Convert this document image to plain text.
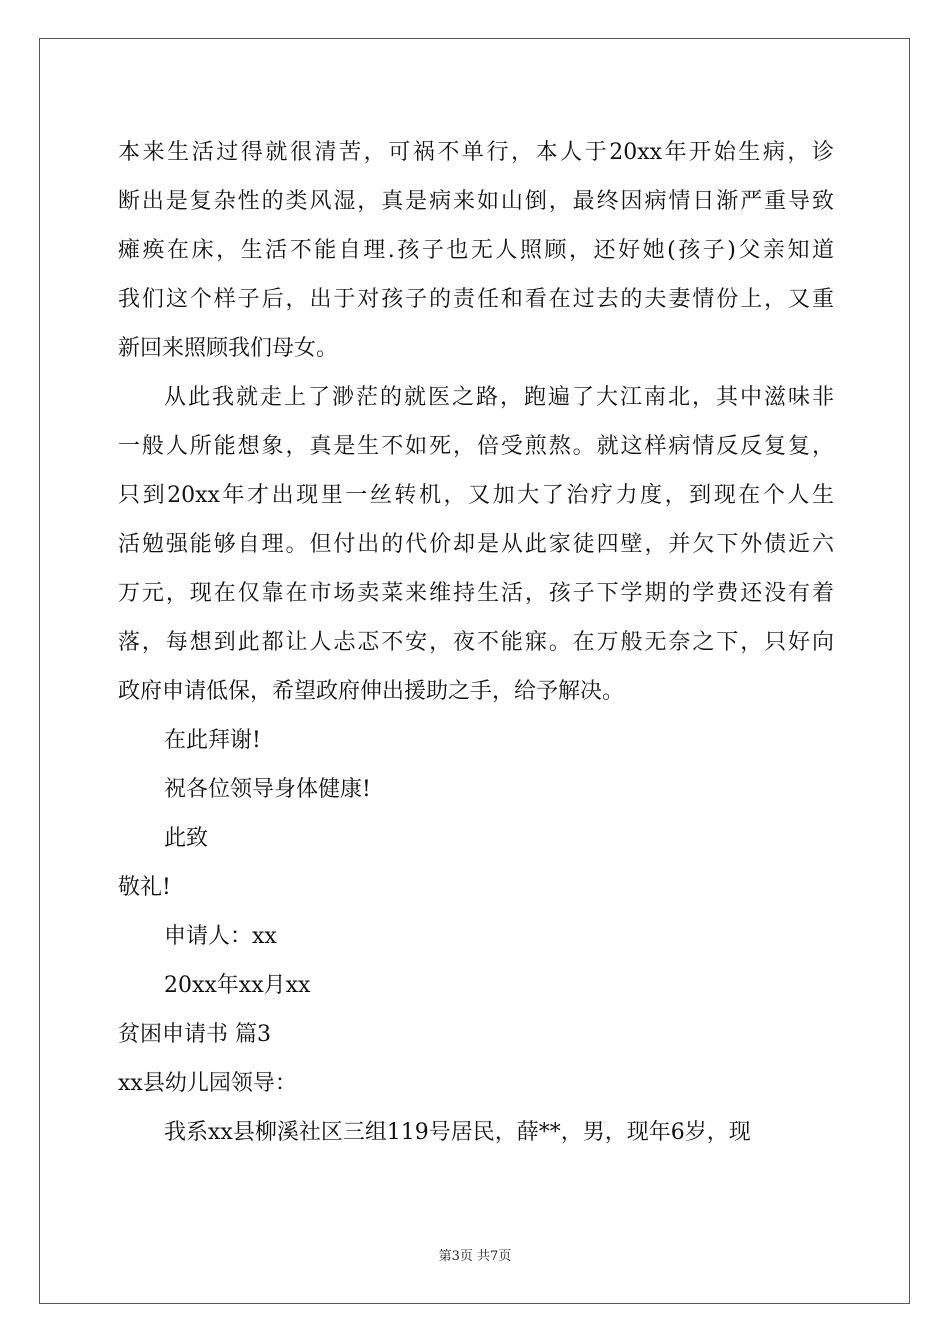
本来生活过得就很清苦，可祸不单行，本人于20xx年开始生病，诊
断出是复杂性的类风湿，真是病来如山倒，最终因病情日渐严重导致
瘫痪在床，生活不能自理.孩子也无人照顾，还好她(孩子)父亲知道
我们这个样子后，出于对孩子的责任和看在过去的夫妻情份上，又重
新回来照顾我们母女。
从此我就走上了渺茫的就医之路，跑遍了大江南北，其中滋味非
一般人所能想象，真是生不如死，倍受煎熬。就这样病情反反复复，
只到20xx年才出现里一丝转机，又加大了治疗力度，到现在个人生
活勉强能够自理。但付出的代价却是从此家徒四壁，并欠下外债近六
万元，现在仅靠在市场卖菜来维持生活，孩子下学期的学费还没有着
落，每想到此都让人忐忑不安，夜不能寐。在万般无奈之下，只好向
政府申请低保，希望政府伸出援助之手，给予解决。
在此拜谢!
祝各位领导身体健康!
此致
敬礼!
申请人：xx
20xx年xx月xx
贫困申请书 篇3
xx县幼儿园领导：
我系xx县柳溪社区三组119号居民，薛**，男，现年6岁，现
第3页 共7页
